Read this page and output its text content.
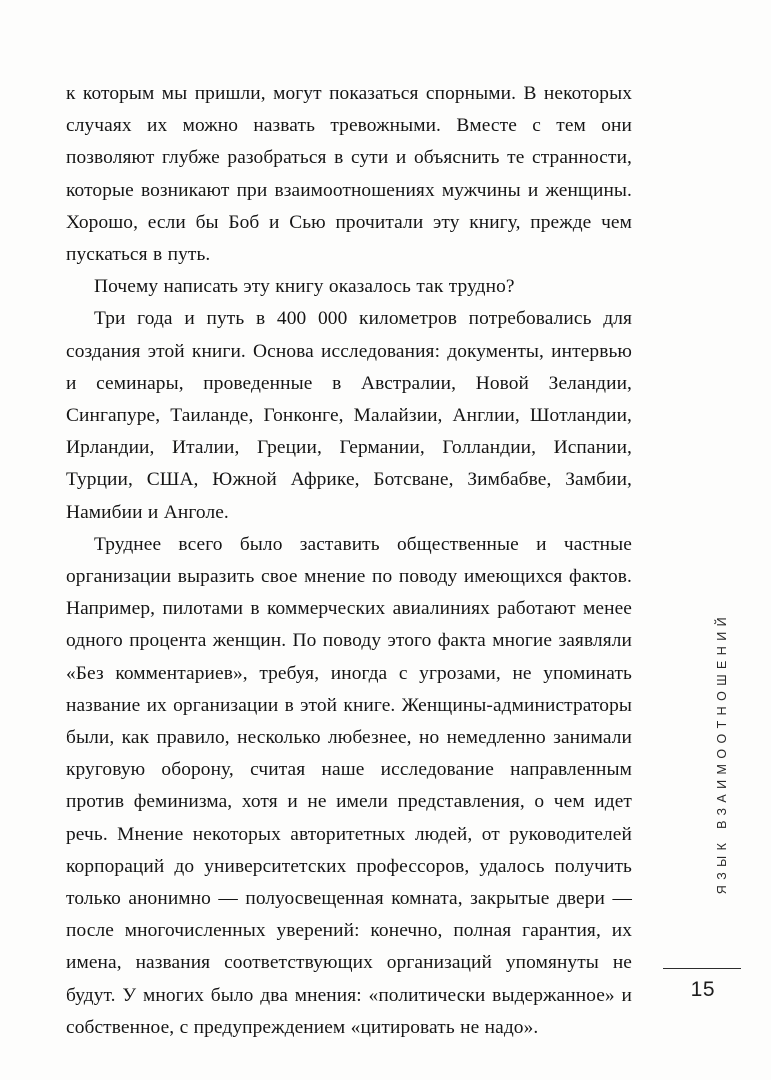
к которым мы пришли, могут показаться спорными. В некоторых случаях их можно назвать тревожными. Вместе с тем они позволяют глубже разобраться в сути и объяснить те странности, которые возникают при взаимоотношениях мужчины и женщины. Хорошо, если бы Боб и Сью прочитали эту книгу, прежде чем пускаться в путь.

Почему написать эту книгу оказалось так трудно?

Три года и путь в 400 000 километров потребовались для создания этой книги. Основа исследования: документы, интервью и семинары, проведенные в Австралии, Новой Зеландии, Сингапуре, Таиланде, Гонконге, Малайзии, Англии, Шотландии, Ирландии, Италии, Греции, Германии, Голландии, Испании, Турции, США, Южной Африке, Ботсване, Зимбабве, Замбии, Намибии и Анголе.

Труднее всего было заставить общественные и частные организации выразить свое мнение по поводу имеющихся фактов. Например, пилотами в коммерческих авиалиниях работают менее одного процента женщин. По поводу этого факта многие заявляли «Без комментариев», требуя, иногда с угрозами, не упоминать название их организации в этой книге. Женщины-администраторы были, как правило, несколько любезнее, но немедленно занимали круговую оборону, считая наше исследование направленным против феминизма, хотя и не имели представления, о чем идет речь. Мнение некоторых авторитетных людей, от руководителей корпораций до университетских профессоров, удалось получить только анонимно — полуосвещенная комната, закрытые двери — после многочисленных уверений: конечно, полная гарантия, их имена, названия соответствующих организаций упомянуты не будут. У многих было два мнения: «политически выдержанное» и собственное, с предупреждением «цитировать не надо».

ЯЗЫК ВЗАИМООТНОШЕНИЙ
15
